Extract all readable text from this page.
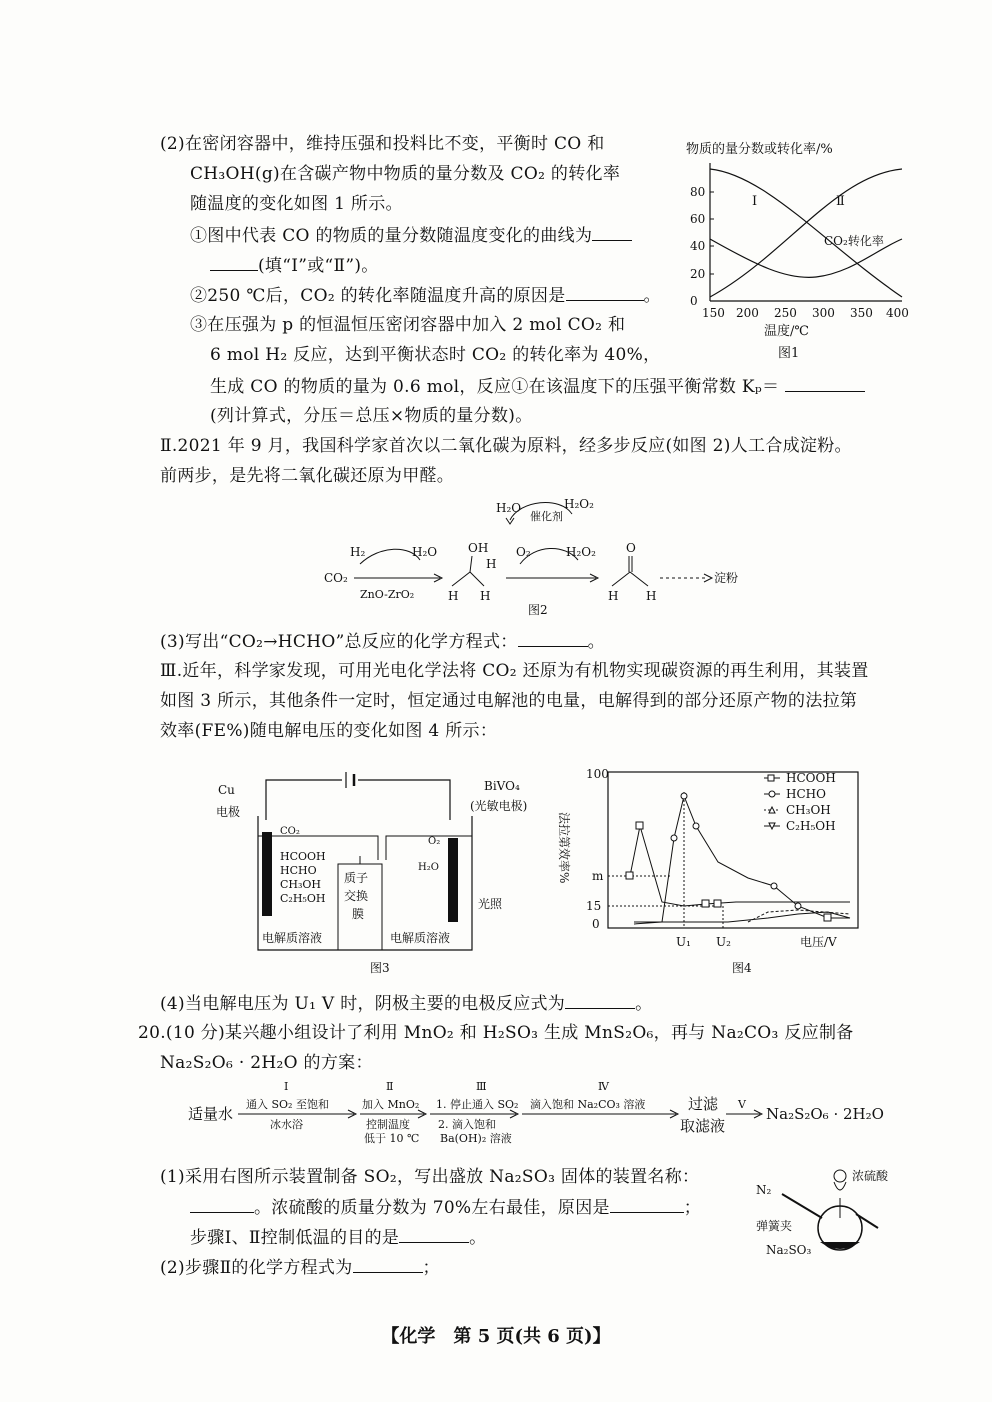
(2)在密闭容器中，维持压强和投料比不变，平衡时 CO 和
CH₃OH(g)在含碳产物中物质的量分数及 CO₂ 的转化率
随温度的变化如图 1 所示。
①图中代表 CO 的物质的量分数随温度变化的曲线为
(填“Ⅰ”或“Ⅱ”)。
②250 ℃后，CO₂ 的转化率随温度升高的原因是	。
③在压强为 p 的恒温恒压密闭容器中加入 2 mol CO₂ 和
6 mol H₂ 反应，达到平衡状态时 CO₂ 的转化率为 40%，
生成 CO 的物质的量为 0.6 mol，反应①在该温度下的压强平衡常数 Kₚ＝
(列计算式，分压＝总压×物质的量分数)。
物质的量分数或转化率/%
0
20
40
60
80
150 200 250 300 350 400
Ⅰ	Ⅱ
CO₂转化率
温度/℃
图1
Ⅱ.2021 年 9 月，我国科学家首次以二氧化碳为原料，经多步反应(如图 2)人工合成淀粉。
前两步，是先将二氧化碳还原为甲醛。
H₂O
催化剂
H₂O₂
H₂	H₂O	OH
H
O₂	H₂O₂	O
CO₂
ZnO-ZrO₂
淀粉
H H	H H
图2
(3)写出“CO₂→HCHO”总反应的化学方程式：	。
Ⅲ.近年，科学家发现，可用光电化学法将 CO₂ 还原为有机物实现碳资源的再生利用，其装置
如图 3 所示，其他条件一定时，恒定通过电解池的电量，电解得到的部分还原产物的法拉第
效率(FE%)随电解电压的变化如图 4 所示：
Cu
电极
BiVO₄
(光敏电极)
CO₂
HCOOH
HCHO
CH₃OH
C₂H₅OH
O₂
H₂O
质子
交换
膜
光照
电解质溶液	电解质溶液
图3
100
m
15
0
法拉第效率%
HCOOH
HCHO
CH₃OH
C₂H₅OH
U₁ U₂	电压/V
图4
(4)当电解电压为 U₁ V 时，阴极主要的电极反应式为	。
20.(10 分)某兴趣小组设计了利用 MnO₂ 和 H₂SO₃ 生成 MnS₂O₆，再与 Na₂CO₃ 反应制备
Na₂S₂O₆ · 2H₂O 的方案：
适量水
Ⅰ
通入 SO₂ 至饱和
冰水浴
Ⅱ
加入 MnO₂
控制温度
低于 10 ℃
Ⅲ
1. 停止通入 SO₂
2. 滴入饱和
Ba(OH)₂ 溶液
Ⅳ
滴入饱和 Na₂CO₃ 溶液	过滤
取滤液
Ⅴ
Na₂S₂O₆ · 2H₂O
(1)采用右图所示装置制备 SO₂，写出盛放 Na₂SO₃ 固体的装置名称：
。浓硫酸的质量分数为 70%左右最佳，原因是	；
步骤Ⅰ、Ⅱ控制低温的目的是	。
(2)步骤Ⅱ的化学方程式为	；
浓硫酸
N₂
弹簧夹
Na₂SO₃
【化学　第 5 页(共 6 页)】
